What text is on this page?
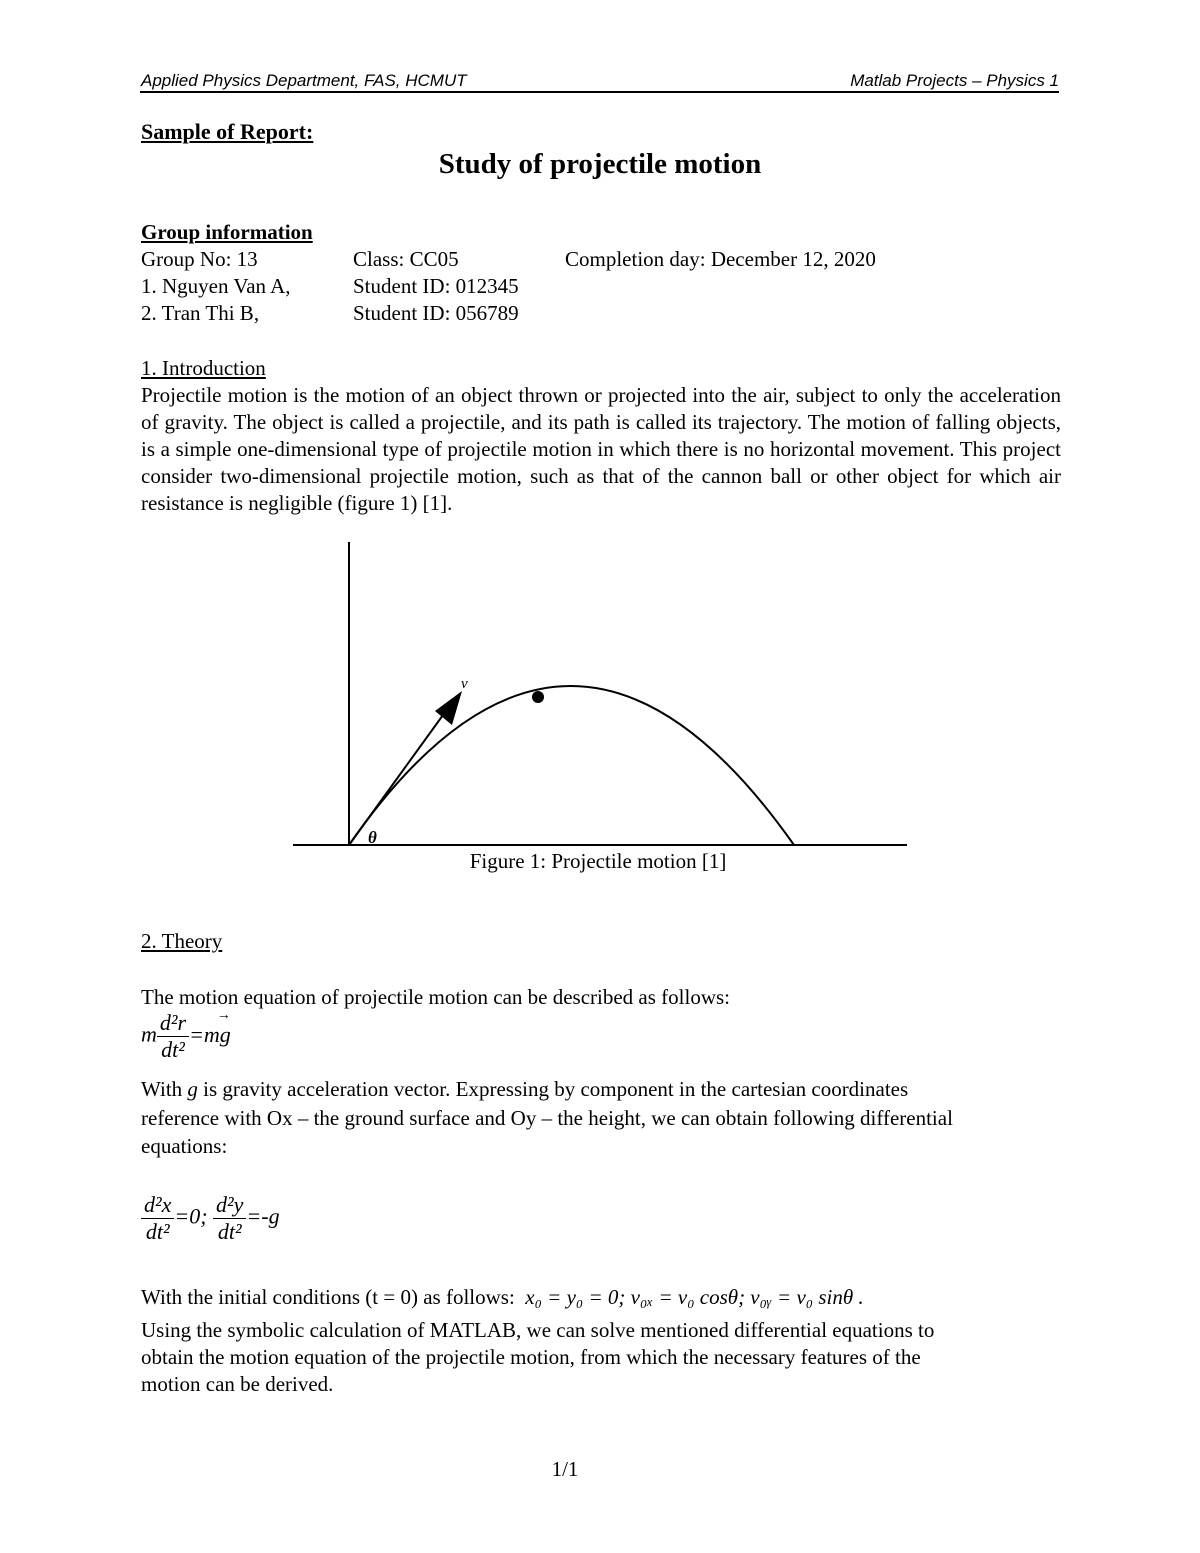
Applied Physics Department, FAS, HCMUT	Matlab Projects – Physics 1
Sample of Report:
Study of projectile motion
Group information
Group No: 13	Class: CC05	Completion day: December 12, 2020
1. Nguyen Van A,	Student ID: 012345
2. Tran Thi B,	Student ID: 056789
1. Introduction
Projectile motion is the motion of an object thrown or projected into the air, subject to only the acceleration of gravity. The object is called a projectile, and its path is called its trajectory. The motion of falling objects, is a simple one-dimensional type of projectile motion in which there is no horizontal movement. This project consider two-dimensional projectile motion, such as that of the cannon ball or other object for which air resistance is negligible (figure 1) [1].
v
θ
Figure 1: Projectile motion [1]
2. Theory
The motion equation of projectile motion can be described as follows:
m $\frac{\text{d²r}}{\text{dt²}} =mg$
→
With g is gravity acceleration vector. Expressing by component in the cartesian coordinates
reference with Ox – the ground surface and Oy – the height, we can obtain following differential
equations:
$\frac{\text{d²x}}{\text{dt²}} =0$; $\frac{\text{d²y}}{\text{dt²}} =-g$
With the initial conditions (t = 0) as follows: x₀ = y₀ = 0; v₀ₓ = v₀ cosθ; v₀ᵧ = v₀ sinθ .
Using the symbolic calculation of MATLAB, we can solve mentioned differential equations to
obtain the motion equation of the projectile motion, from which the necessary features of the
motion can be derived.
1/1
